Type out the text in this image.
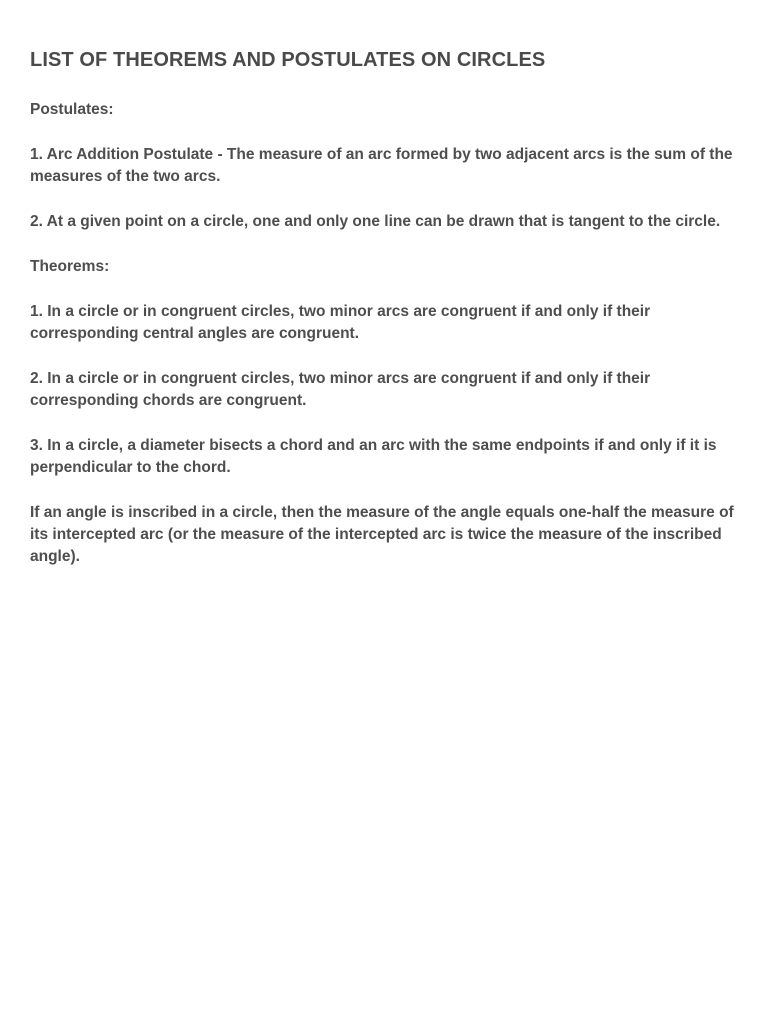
LIST OF THEOREMS AND POSTULATES ON CIRCLES

Postulates:

1. Arc Addition Postulate - The measure of an arc formed by two adjacent arcs is the sum of the measures of the two arcs.

2. At a given point on a circle, one and only one line can be drawn that is tangent to the circle.

Theorems:

1. In a circle or in congruent circles, two minor arcs are congruent if and only if their corresponding central angles are congruent.

2. In a circle or in congruent circles, two minor arcs are congruent if and only if their corresponding chords are congruent.

3. In a circle, a diameter bisects a chord and an arc with the same endpoints if and only if it is perpendicular to the chord.

If an angle is inscribed in a circle, then the measure of the angle equals one-half the measure of its intercepted arc (or the measure of the intercepted arc is twice the measure of the inscribed angle).
